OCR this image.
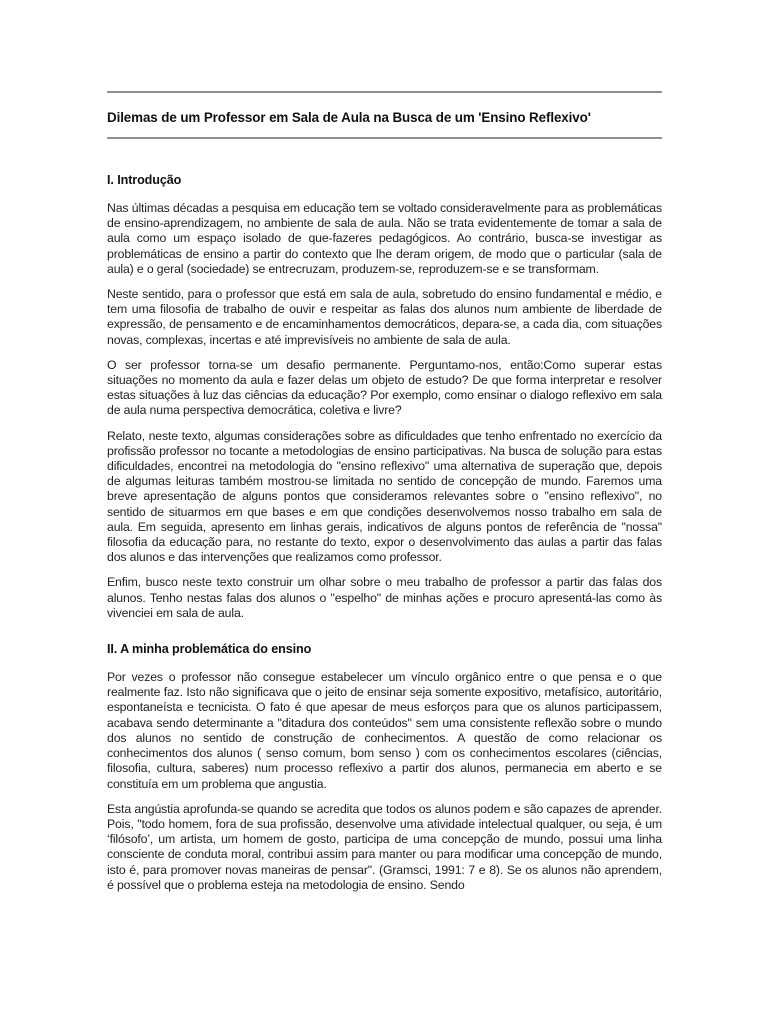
Dilemas de um Professor em Sala de Aula na Busca de um 'Ensino Reflexivo'
I. Introdução

Nas últimas décadas a pesquisa em educação tem se voltado consideravelmente para as problemáticas de ensino-aprendizagem, no ambiente de sala de aula. Não se trata evidentemente de tomar a sala de aula como um espaço isolado de que-fazeres pedagógicos. Ao contrário, busca-se investigar as problemáticas de ensino a partir do contexto que lhe deram origem, de modo que o particular (sala de aula) e o geral (sociedade) se entrecruzam, produzem-se, reproduzem-se e se transformam.

Neste sentido, para o professor que está em sala de aula, sobretudo do ensino fundamental e médio, e tem uma filosofia de trabalho de ouvir e respeitar as falas dos alunos num ambiente de liberdade de expressão, de pensamento e de encaminhamentos democráticos, depara-se, a cada dia, com situações novas, complexas, incertas e até imprevisíveis no ambiente de sala de aula.

O ser professor torna-se um desafio permanente. Perguntamo-nos, então:Como superar estas situações no momento da aula e fazer delas um objeto de estudo? De que forma interpretar e resolver estas situações à luz das ciências da educação? Por exemplo, como ensinar o dialogo reflexivo em sala de aula numa perspectiva democrática, coletiva e livre?

Relato, neste texto, algumas considerações sobre as dificuldades que tenho enfrentado no exercício da profissão professor no tocante a metodologias de ensino participativas. Na busca de solução para estas dificuldades, encontrei na metodologia do "ensino reflexivo" uma alternativa de superação que, depois de algumas leituras também mostrou-se limitada no sentido de concepção de mundo. Faremos uma breve apresentação de alguns pontos que consideramos relevantes sobre o "ensino reflexivo", no sentido de situarmos em que bases e em que condições desenvolvemos nosso trabalho em sala de aula. Em seguida, apresento em linhas gerais, indicativos de alguns pontos de referência de "nossa" filosofia da educação para, no restante do texto, expor o desenvolvimento das aulas a partir das falas dos alunos e das intervenções que realizamos como professor.

Enfim, busco neste texto construir um olhar sobre o meu trabalho de professor a partir das falas dos alunos. Tenho nestas falas dos alunos o "espelho" de minhas ações e procuro apresentá-las como às vivenciei em sala de aula.

II. A minha problemática do ensino

Por vezes o professor não consegue estabelecer um vínculo orgânico entre o que pensa e o que realmente faz. Isto não significava que o jeito de ensinar seja somente expositivo, metafísico, autoritário, espontaneísta e tecnicista. O fato é que apesar de meus esforços para que os alunos participassem, acabava sendo determinante a "ditadura dos conteúdos" sem uma consistente reflexão sobre o mundo dos alunos no sentido de construção de conhecimentos. A questão de como relacionar os conhecimentos dos alunos ( senso comum, bom senso ) com os conhecimentos escolares (ciências, filosofia, cultura, saberes) num processo reflexivo a partir dos alunos, permanecia em aberto e se constituía em um problema que angustia.

Esta angústia aprofunda-se quando se acredita que todos os alunos podem e são capazes de aprender. Pois, "todo homem, fora de sua profissão, desenvolve uma atividade intelectual qualquer, ou seja, é um ‘filósofo’, um artista, um homem de gosto, participa de uma concepção de mundo, possui uma linha consciente de conduta moral, contribui assim para manter ou para modificar uma concepção de mundo, isto é, para promover novas maneiras de pensar". (Gramsci, 1991: 7 e 8). Se os alunos não aprendem, é possível que o problema esteja na metodologia de ensino. Sendo
